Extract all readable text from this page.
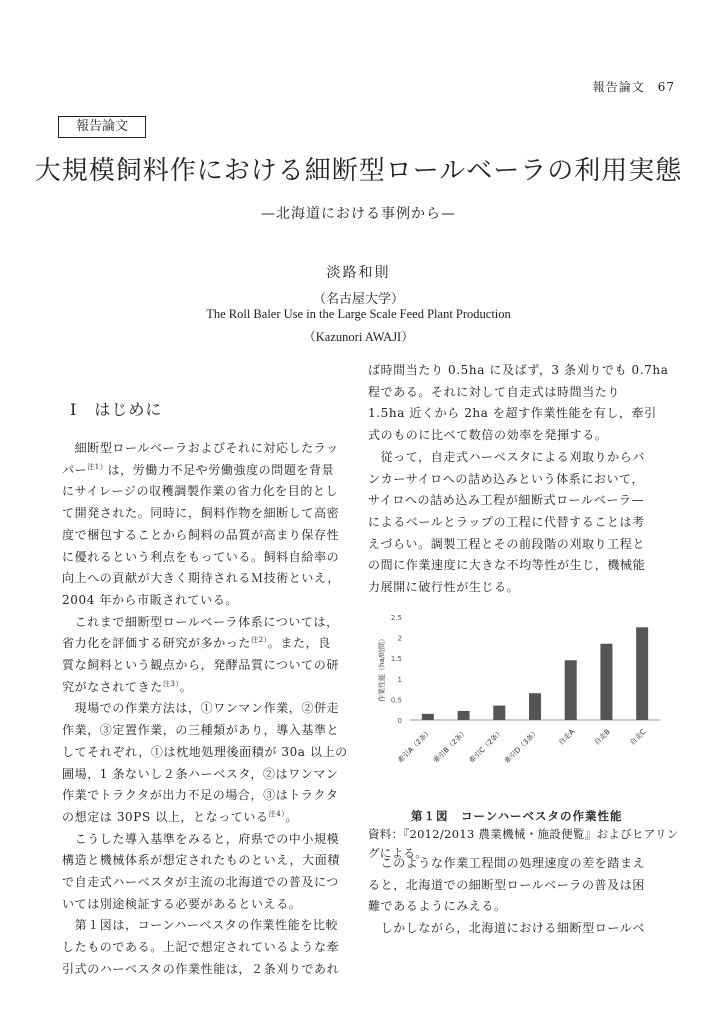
報告論文　 67
報告論文
大規模飼料作における細断型ロールベーラの利用実態
—北海道における事例から—
淡路和則
（名古屋大学）
The Roll Baler Use in the Large Scale Feed Plant Production
（Kazunori AWAJI）
Ⅰ　はじめに

　細断型ロールベーラおよびそれに対応したラッ

パー$^{注1)}$は，労働力不足や労働強度の問題を背景

にサイレージの収穫調製作業の省力化を目的とし

て開発された。同時に，飼料作物を細断して高密

度で梱包することから飼料の品質が高まり保存性

に優れるという利点をもっている。飼料自給率の

向上への貢献が大きく期待されるＭ技術といえ，

2004 年から市販されている。

　これまで細断型ロールベーラ体系については，

省力化を評価する研究が多かった$^{注2)}$。また，良

質な飼料という観点から，発酵品質についての研

究がなされてきた$^{注3)}$。

　現場での作業方法は，①ワンマン作業，②併走

作業，③定置作業，の三種類があり，導入基準と

してそれぞれ，①は枕地処理後面積が 30a 以上の

圃場，1 条ないし２条ハーベスタ，②はワンマン

作業でトラクタが出力不足の場合，③はトラクタ

の想定は 30PS 以上，となっている$^{注4)}$。

　こうした導入基準をみると，府県での中小規模

構造と機械体系が想定されたものといえ，大面積

で自走式ハーベスタが主流の北海道での普及につ

いては別途検証する必要があるといえる。

　第１図は，コーンハーベスタの作業性能を比較

したものである。上記で想定されているような牽

引式のハーベスタの作業性能は，２条刈りであれ

ば時間当たり 0.5ha に及ばず，3 条刈りでも 0.7ha

程である。それに対して自走式は時間当たり

1.5ha 近くから 2ha を超す作業性能を有し，牽引

式のものに比べて数倍の効率を発揮する。

　従って，自走式ハーベスタによる刈取りからバ

ンカーサイロへの詰め込みという体系において，

サイロへの詰め込み工程が細断式ロールベーラ—

によるベールとラップの工程に代替することは考

えづらい。調製工程とその前段階の刈取り工程と

の間に作業速度に大きな不均等性が生じ，機械能

力展開に破行性が生じる。

0
0.5
1
1.5
2
2.5
作業性能（ha/時間）
牽引A（2条）
牽引B（2条）
牽引C（2条）
牽引D（3条） 自走A 自走B 自走C
第１図　コーンハーベスタの作業性能

資料：『2012/2013 農業機械・施設便覧』およびヒアリン

グによる。

　このような作業工程間の処理速度の差を踏まえ

ると，北海道での細断型ロールベーラの普及は困

難であるようにみえる。

　しかしながら，北海道における細断型ロールベ
